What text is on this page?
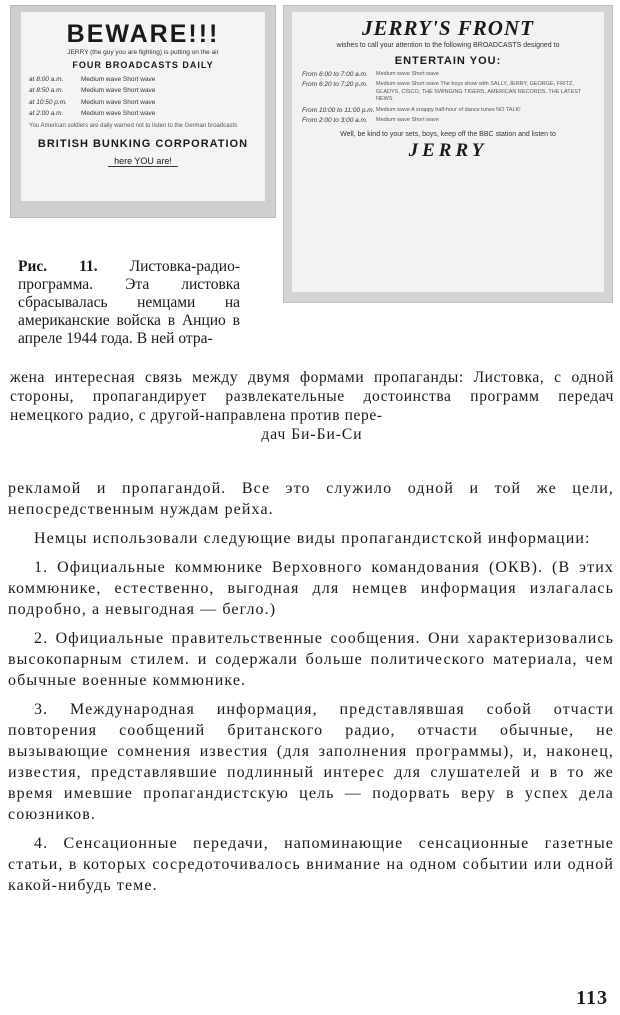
BEWARE!!!
JERRY (the guy you are fighting) is putting on the air
FOUR BROADCASTS DAILY
at 8:00 a.m.	Medium wave Short wave
at 8:50 a.m.	Medium wave Short wave
at 10:50 p.m.	Medium wave Short wave
at 2:00 a.m.	Medium wave Short wave
You American soldiers are daily warned not to listen to the German broadcasts
BRITISH BUNKING CORPORATION
here YOU are!
JERRY'S FRONT
wishes to call your attention to the following BROADCASTS designed to
ENTERTAIN YOU:
From 6:00 to 7:00 a.m.	Medium wave Short wave
From 6:20 to 7:20 p.m.	Medium wave Short wave The boys show with SALLY, JERRY, GEORGE, FRITZ, GLADYS, CISCO, THE SWINGING TIGERS, AMERICAN RECORDS, THE LATEST NEWS
From 10:00 to 11:00 p.m. Medium wave A snappy half-hour of dance tunes NO TALK!
From 2:00 to 3:00 a.m.	Medium wave Short wave
Well, be kind to your sets, boys, keep off the BBC station and listen to
JERRY
Рис. 11. Листовка-радиопрограмма. Эта листовка сбрасывалась немцами на американские войска в Анцио в апреле 1944 года. В ней отра-
жена интересная связь между двумя формами пропаганды: Листовка, с одной стороны, пропагандирует развлекательные достоинства программ передач немецкого радио, с другой-направлена против пере-
дач Би-Би-Си

рекламой и пропагандой. Все это служило одной и той же цели, непосредственным нуждам рейха.

Немцы использовали следующие виды пропагандистской информации:

1. Официальные коммюнике Верховного командования (ОКВ). (В этих коммюнике, естественно, выгодная для немцев информация излагалась подробно, а невыгодная — бегло.)

2. Официальные правительственные сообщения. Они характеризовались высокопарным стилем. и содержали больше политического материала, чем обычные военные коммюнике.

3. Международная информация, представлявшая собой отчасти повторения сообщений британского радио, отчасти обычные, не вызывающие сомнения известия (для заполнения программы), и, наконец, известия, представлявшие подлинный интерес для слушателей и в то же время имевшие пропагандистскую цель — подорвать веру в успех дела союзников.

4. Сенсационные передачи, напоминающие сенсационные газетные статьи, в которых сосредоточивалось внимание на одном событии или одной какой-нибудь теме.

113
